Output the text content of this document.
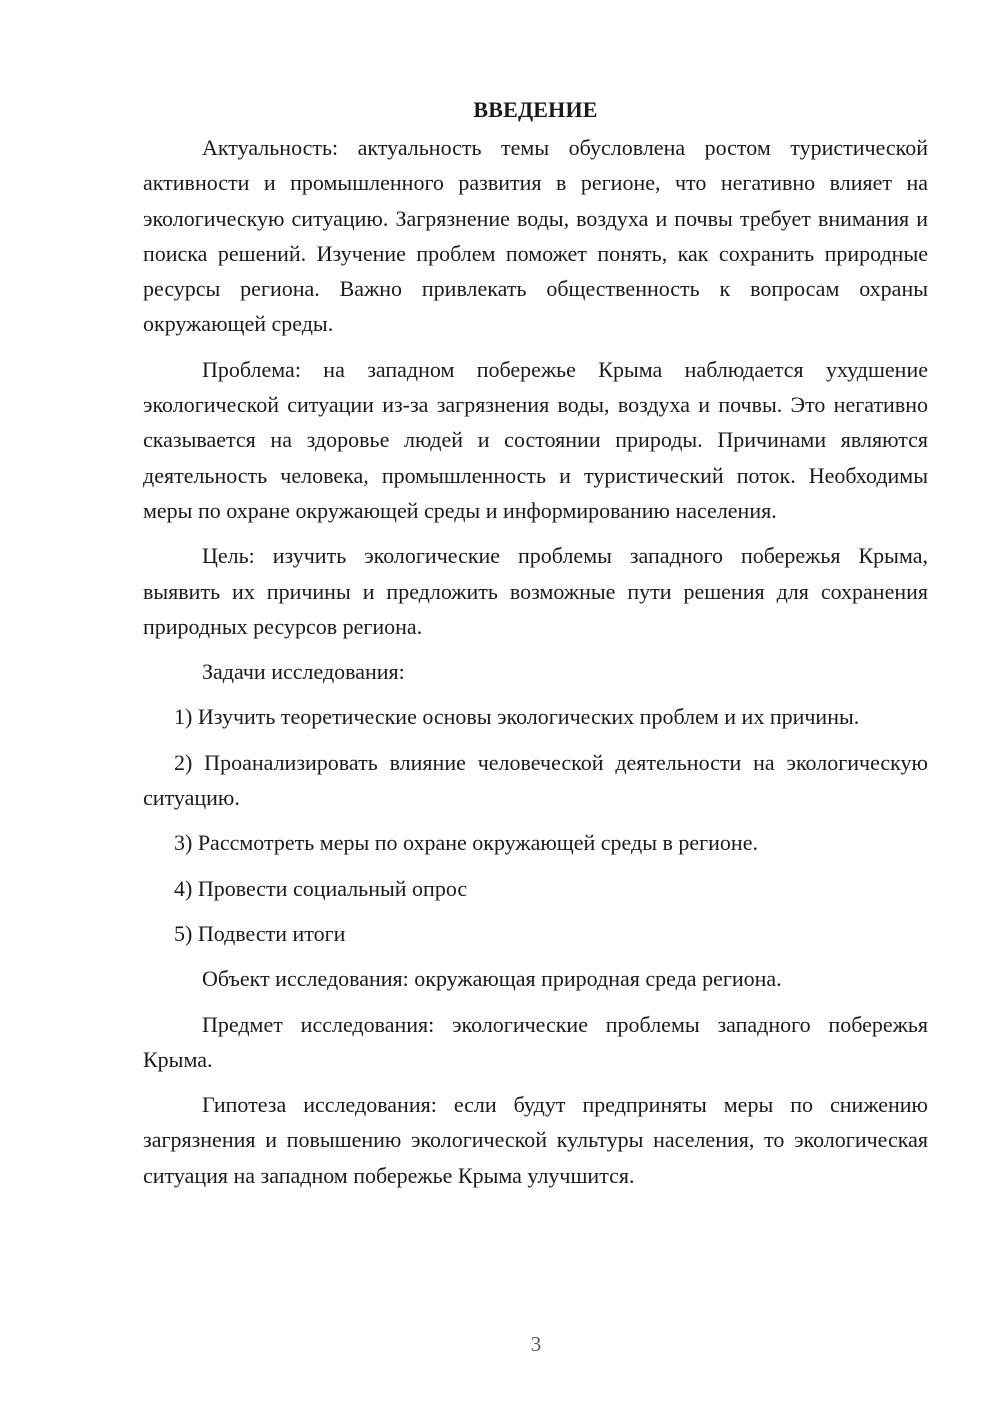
ВВЕДЕНИЕ

Актуальность: актуальность темы обусловлена ростом туристической активности и промышленного развития в регионе, что негативно влияет на экологическую ситуацию. Загрязнение воды, воздуха и почвы требует внимания и поиска решений. Изучение проблем поможет понять, как сохранить природные ресурсы региона. Важно привлекать общественность к вопросам охраны окружающей среды.

Проблема: на западном побережье Крыма наблюдается ухудшение экологической ситуации из-за загрязнения воды, воздуха и почвы. Это негативно сказывается на здоровье людей и состоянии природы. Причинами являются деятельность человека, промышленность и туристический поток. Необходимы меры по охране окружающей среды и информированию населения.

Цель: изучить экологические проблемы западного побережья Крыма, выявить их причины и предложить возможные пути решения для сохранения природных ресурсов региона.

Задачи исследования:

1) Изучить теоретические основы экологических проблем и их причины.

2) Проанализировать влияние человеческой деятельности на экологическую ситуацию.

3) Рассмотреть меры по охране окружающей среды в регионе.

4) Провести социальный опрос

5) Подвести итоги

Объект исследования: окружающая природная среда региона.

Предмет исследования: экологические проблемы западного побережья Крыма.

Гипотеза исследования: если будут предприняты меры по снижению загрязнения и повышению экологической культуры населения, то экологическая ситуация на западном побережье Крыма улучшится.

3
